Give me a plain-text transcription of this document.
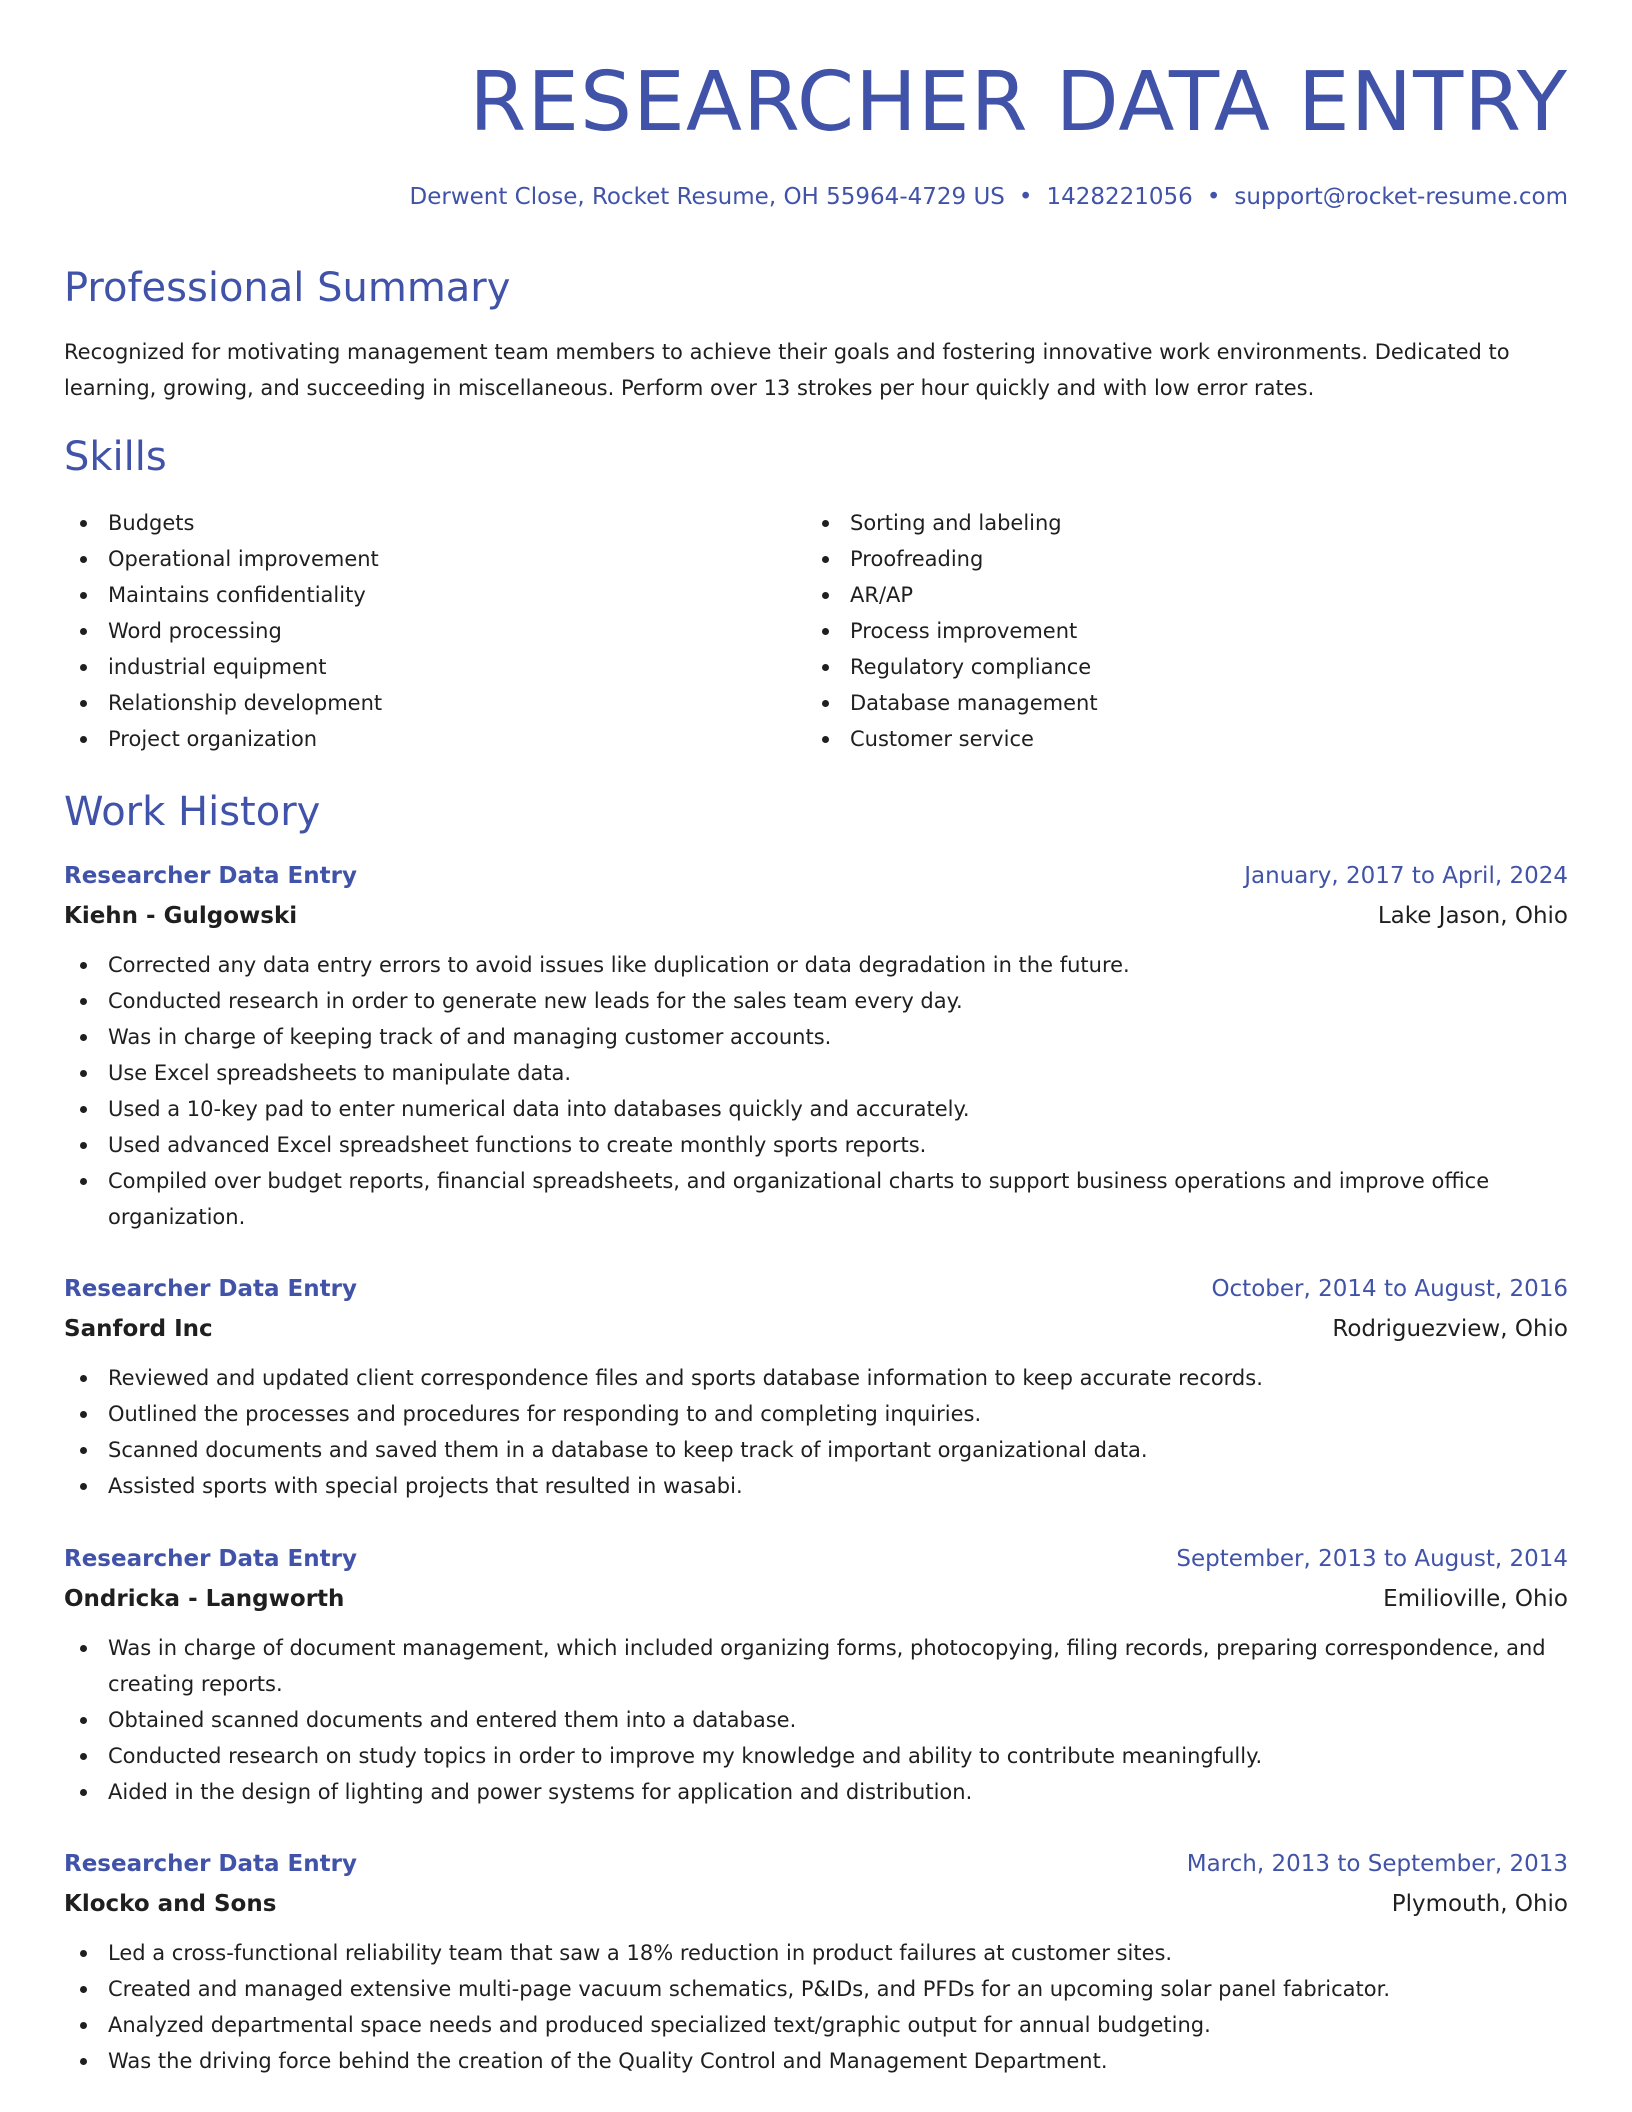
RESEARCHER DATA ENTRY
Derwent Close, Rocket Resume, OH 55964-4729 US • 1428221056 • support@rocket-resume.com
Professional Summary

Recognized for motivating management team members to achieve their goals and fostering innovative work environments. Dedicated to learning, growing, and succeeding in miscellaneous. Perform over 13 strokes per hour quickly and with low error rates.

Skills
Budgets
Operational improvement
Maintains confidentiality
Word processing
industrial equipment
Relationship development
Project organization
Sorting and labeling
Proofreading
AR/AP
Process improvement
Regulatory compliance
Database management
Customer service
Work History
Researcher Data Entry	January, 2017 to April, 2024
Kiehn - Gulgowski	Lake Jason, Ohio
Corrected any data entry errors to avoid issues like duplication or data degradation in the future.
Conducted research in order to generate new leads for the sales team every day.
Was in charge of keeping track of and managing customer accounts.
Use Excel spreadsheets to manipulate data.
Used a 10-key pad to enter numerical data into databases quickly and accurately.
Used advanced Excel spreadsheet functions to create monthly sports reports.
Compiled over budget reports, financial spreadsheets, and organizational charts to support business operations and improve office organization.
Researcher Data Entry	October, 2014 to August, 2016
Sanford Inc	Rodriguezview, Ohio
Reviewed and updated client correspondence files and sports database information to keep accurate records.
Outlined the processes and procedures for responding to and completing inquiries.
Scanned documents and saved them in a database to keep track of important organizational data.
Assisted sports with special projects that resulted in wasabi.
Researcher Data Entry	September, 2013 to August, 2014
Ondricka - Langworth	Emilioville, Ohio
Was in charge of document management, which included organizing forms, photocopying, filing records, preparing correspondence, and creating reports.
Obtained scanned documents and entered them into a database.
Conducted research on study topics in order to improve my knowledge and ability to contribute meaningfully.
Aided in the design of lighting and power systems for application and distribution.
Researcher Data Entry	March, 2013 to September, 2013
Klocko and Sons	Plymouth, Ohio
Led a cross-functional reliability team that saw a 18% reduction in product failures at customer sites.
Created and managed extensive multi-page vacuum schematics, P&IDs, and PFDs for an upcoming solar panel fabricator.
Analyzed departmental space needs and produced specialized text/graphic output for annual budgeting.
Was the driving force behind the creation of the Quality Control and Management Department.
